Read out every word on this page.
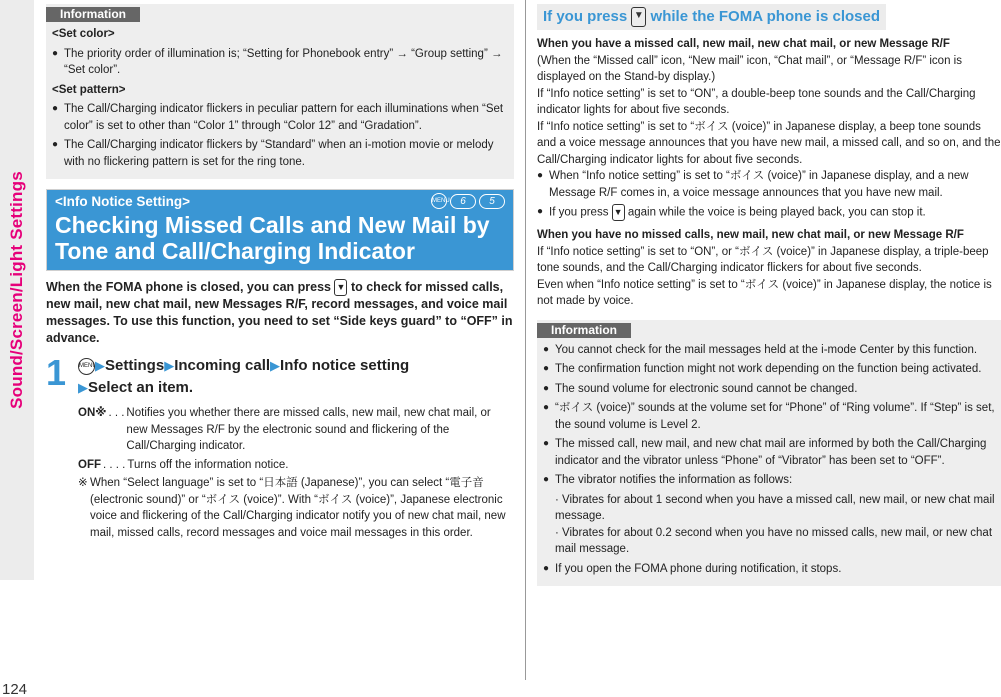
Sound/Screen/Light Settings
124
Information

<Set color>

● The priority order of illumination is; “Setting for Phonebook entry” → “Group setting” → “Set color”.

<Set pattern>

● The Call/Charging indicator flickers in peculiar pattern for each illuminations when “Set color” is set to other than “Color 1” through “Color 12” and “Gradation”.
● The Call/Charging indicator flickers by “Standard” when an i-motion movie or melody with no flickering pattern is set for the ring tone.
<Info Notice Setting>	MENU	6	5
Checking Missed Calls and New Mail by Tone and Call/Charging Indicator
When the FOMA phone is closed, you can press ▼ to check for missed calls, new mail, new chat mail, new Messages R/F, record messages, and voice mail messages. To use this function, you need to set “Side keys guard” to “OFF” in advance.
1 MENU▶Settings▶Incoming call▶Info notice setting
▶Select an item.
ON※ . . . Notifies you whether there are missed calls, new mail, new chat mail, or new Messages R/F by the electronic sound and flickering of the Call/Charging indicator.
OFF . . . . Turns off the information notice.
※ When “Select language” is set to “日本語 (Japanese)”, you can select “電子音 (electronic sound)” or “ボイス (voice)”. With “ボイス (voice)”, Japanese electronic voice and flickering of the Call/Charging indicator notify you of new chat mail, new mail, missed calls, record messages and voice mail messages in this order.
If you press ▼ while the FOMA phone is closed

When you have a missed call, new mail, new chat mail, or new Message R/F

(When the “Missed call” icon, “New mail” icon, “Chat mail”, or “Message R/F” icon is displayed on the Stand-by display.)

If “Info notice setting” is set to “ON”, a double-beep tone sounds and the Call/Charging indicator lights for about five seconds.

If “Info notice setting” is set to “ボイス (voice)” in Japanese display, a beep tone sounds and a voice message announces that you have new mail, a missed call, and so on, and the Call/Charging indicator lights for about five seconds.

● When “Info notice setting” is set to “ボイス (voice)” in Japanese display, and a new Message R/F comes in, a voice message announces that you have new mail.
● If you press ▼ again while the voice is being played back, you can stop it.

When you have no missed calls, new mail, new chat mail, or new Message R/F

If “Info notice setting” is set to “ON”, or “ボイス (voice)” in Japanese display, a triple-beep tone sounds, and the Call/Charging indicator flickers for about five seconds.

Even when “Info notice setting” is set to “ボイス (voice)” in Japanese display, the notice is not made by voice.

Information
● You cannot check for the mail messages held at the i-mode Center by this function.
● The confirmation function might not work depending on the function being activated.
● The sound volume for electronic sound cannot be changed.
● “ボイス (voice)” sounds at the volume set for “Phone” of “Ring volume”. If “Step” is set, the sound volume is Level 2.
● The missed call, new mail, and new chat mail are informed by both the Call/Charging indicator and the vibrator unless “Phone” of “Vibrator” has been set to “OFF”.
● The vibrator notifies the information as follows:
· Vibrates for about 1 second when you have a missed call, new mail, or new chat mail message.
· Vibrates for about 0.2 second when you have no missed calls, new mail, or new chat mail message.
● If you open the FOMA phone during notification, it stops.
